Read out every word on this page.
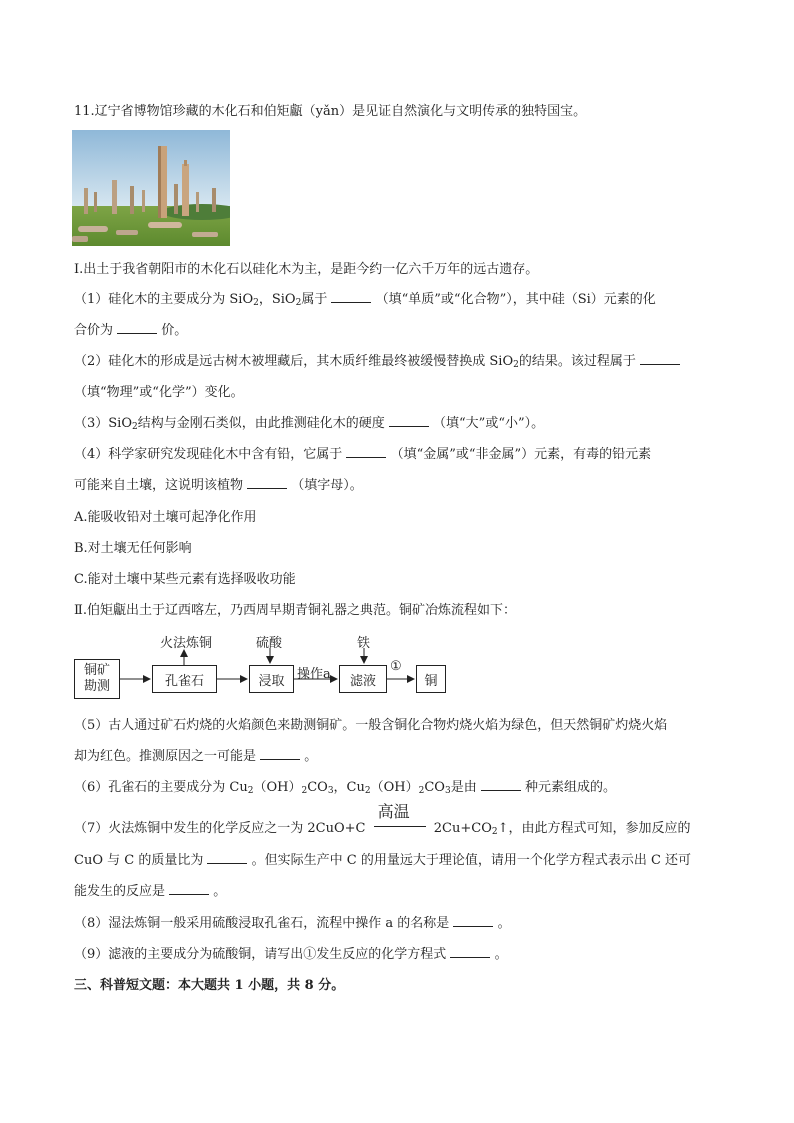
11.辽宁省博物馆珍藏的木化石和伯矩甗（yǎn）是见证自然演化与文明传承的独特国宝。
Ⅰ.出土于我省朝阳市的木化石以硅化木为主，是距今约一亿六千万年的远古遗存。
（1）硅化木的主要成分为 SiO$_2$，SiO$_2$属于	（填“单质”或“化合物”），其中硅（Si）元素的化
合价为	价。
（2）硅化木的形成是远古树木被埋藏后，其木质纤维最终被缓慢替换成 SiO$_2$的结果。该过程属于
（填“物理”或“化学”）变化。
（3）SiO$_2$结构与金刚石类似，由此推测硅化木的硬度	（填“大”或“小”）。
（4）科学家研究发现硅化木中含有铅，它属于	（填“金属”或“非金属”）元素，有毒的铅元素
可能来自土壤，这说明该植物	（填字母）。
A.能吸收铅对土壤可起净化作用
B.对土壤无任何影响
C.能对土壤中某些元素有选择吸收功能
Ⅱ.伯矩甗出土于辽西喀左，乃西周早期青铜礼器之典范。铜矿冶炼流程如下：
铜矿
勘测	孔雀石	浸取	滤液	铜
火法炼铜	硫酸	铁
操作a
①
（5）古人通过矿石灼烧的火焰颜色来勘测铜矿。一般含铜化合物灼烧火焰为绿色，但天然铜矿灼烧火焰
却为红色。推测原因之一可能是	。
（6）孔雀石的主要成分为 $Cu_2(OH)_2CO_3$，$Cu_2(OH)_2CO_3$是由	种元素组成的。
（7）火法炼铜中发生的化学反应之一为 2CuO+C
高温
$2Cu+CO_2↑$，由此方程式可知，参加反应的
CuO 与 C 的质量比为	。但实际生产中 C 的用量远大于理论值，请用一个化学方程式表示出 C 还可
能发生的反应是	。
（8）湿法炼铜一般采用硫酸浸取孔雀石，流程中操作 a 的名称是	。
（9）滤液的主要成分为硫酸铜，请写出①发生反应的化学方程式	。
三、科普短文题：本大题共 1 小题，共 8 分。
